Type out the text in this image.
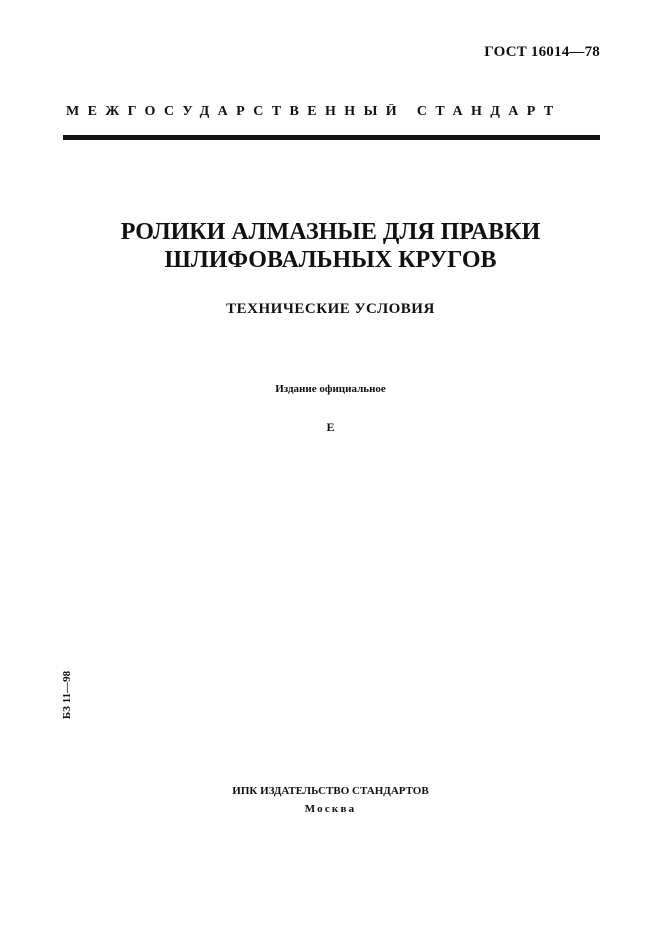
ГОСТ 16014—78
МЕЖГОСУДАРСТВЕННЫЙ СТАНДАРТ
РОЛИКИ АЛМАЗНЫЕ ДЛЯ ПРАВКИ
ШЛИФОВАЛЬНЫХ КРУГОВ
ТЕХНИЧЕСКИЕ УСЛОВИЯ
Издание официальное
Е
БЗ 11—98
ИПК ИЗДАТЕЛЬСТВО СТАНДАРТОВ
Москва
